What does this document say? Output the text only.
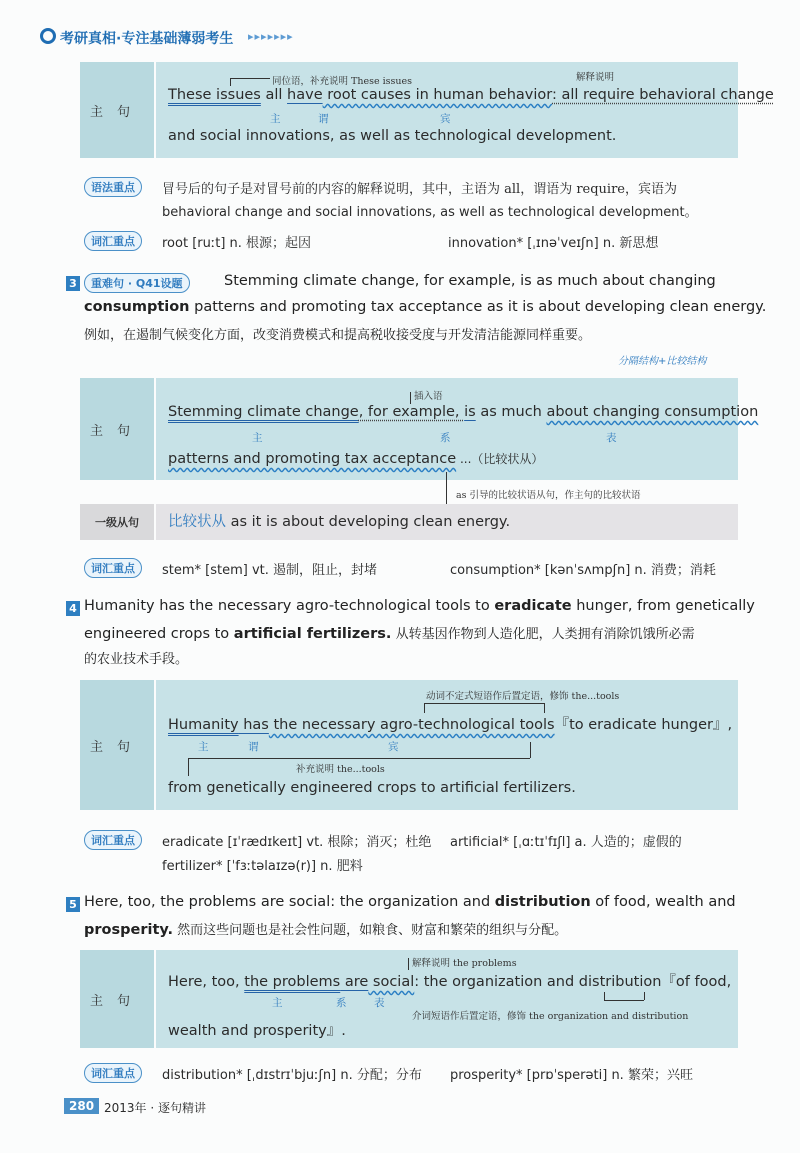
考研真相·专注基础薄弱考生 ▸▸▸▸▸▸▸
主句
同位语，补充说明 These issues	解释说明
These issues all have root causes in human behavior: all require behavioral change
主	谓	宾
and social innovations, as well as technological development.
语法重点	冒号后的句子是对冒号前的内容的解释说明，其中，主语为 all，谓语为 require，宾语为
behavioral change and social innovations, as well as technological development。
词汇重点	root [ruːt] n. 根源；起因	innovation* [ˌɪnəˈveɪʃn] n. 新思想
3	重难句 · Q41设题	Stemming climate change, for example, is as much about changing
consumption patterns and promoting tax acceptance as it is about developing clean energy.
例如，在遏制气候变化方面，改变消费模式和提高税收接受度与开发清洁能源同样重要。
分隔结构+比较结构
主句
插入语
Stemming climate change, for example, is as much about changing consumption
主	系	表
patterns and promoting tax acceptance ...（比较状从）
as 引导的比较状语从句，作主句的比较状语
一级从句 比较状从 as it is about developing clean energy.
词汇重点	stem* [stem] vt. 遏制，阻止，封堵	consumption* [kənˈsʌmpʃn] n. 消费；消耗
4 Humanity has the necessary agro-technological tools to eradicate hunger, from genetically
engineered crops to artificial fertilizers. 从转基因作物到人造化肥，人类拥有消除饥饿所必需
的农业技术手段。
主句
动词不定式短语作后置定语，修饰 the...tools
Humanity has the necessary agro-technological tools『to eradicate hunger』,
主	谓	宾
补充说明 the...tools
from genetically engineered crops to artificial fertilizers.
词汇重点	eradicate [ɪˈrædɪkeɪt] vt. 根除；消灭；杜绝 artificial* [ˌɑːtɪˈfɪʃl] a. 人造的；虚假的
fertilizer* [ˈfɜːtəlaɪzə(r)] n. 肥料
5 Here, too, the problems are social: the organization and distribution of food, wealth and
prosperity. 然而这些问题也是社会性问题，如粮食、财富和繁荣的组织与分配。
主句
解释说明 the problems
Here, too, the problems are social: the organization and distribution『of food,
主	系	表
介词短语作后置定语，修饰 the organization and distribution
wealth and prosperity』.
词汇重点	distribution* [ˌdɪstrɪˈbjuːʃn] n. 分配；分布 prosperity* [prɒˈsperəti] n. 繁荣；兴旺
280 2013年 · 逐句精讲
